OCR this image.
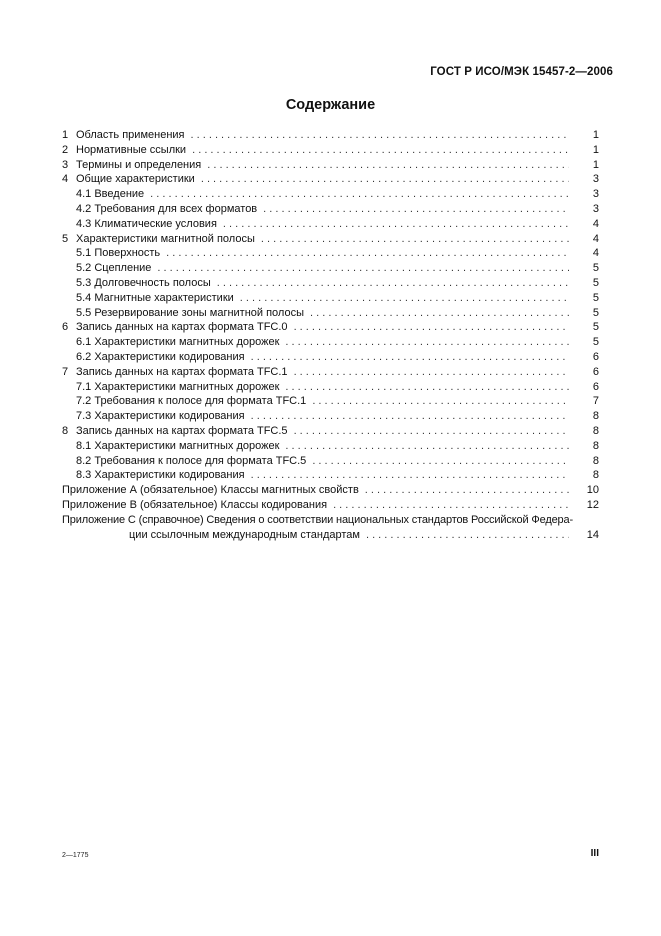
ГОСТ Р ИСО/МЭК 15457-2—2006
Содержание
1 Область применения . . .	1
2 Нормативные ссылки . . .	1
3 Термины и определения . . .	1
4 Общие характеристики . . .	3
4.1 Введение . . .	3
4.2 Требования для всех форматов . . .	3
4.3 Климатические условия . . .	4
5 Характеристики магнитной полосы . . .	4
5.1 Поверхность . . .	4
5.2 Сцепление . . .	5
5.3 Долговечность полосы . . .	5
5.4 Магнитные характеристики . . .	5
5.5 Резервирование зоны магнитной полосы . . .	5
6 Запись данных на картах формата TFC.0 . . .	5
6.1 Характеристики магнитных дорожек . . .	5
6.2 Характеристики кодирования . . .	6
7 Запись данных на картах формата TFC.1 . . .	6
7.1 Характеристики магнитных дорожек . . .	6
7.2 Требования к полосе для формата TFC.1 . . .	7
7.3 Характеристики кодирования . . .	8
8 Запись данных на картах формата TFC.5 . . .	8
8.1 Характеристики магнитных дорожек . . .	8
8.2 Требования к полосе для формата TFC.5 . . .	8
8.3 Характеристики кодирования . . .	8
Приложение А (обязательное) Классы магнитных свойств . . .	10
Приложение В (обязательное) Классы кодирования . . .	12
Приложение С (справочное) Сведения о соответствии национальных стандартов Российской Федера-
ции ссылочным международным стандартам . . .	14
2—1775	III
